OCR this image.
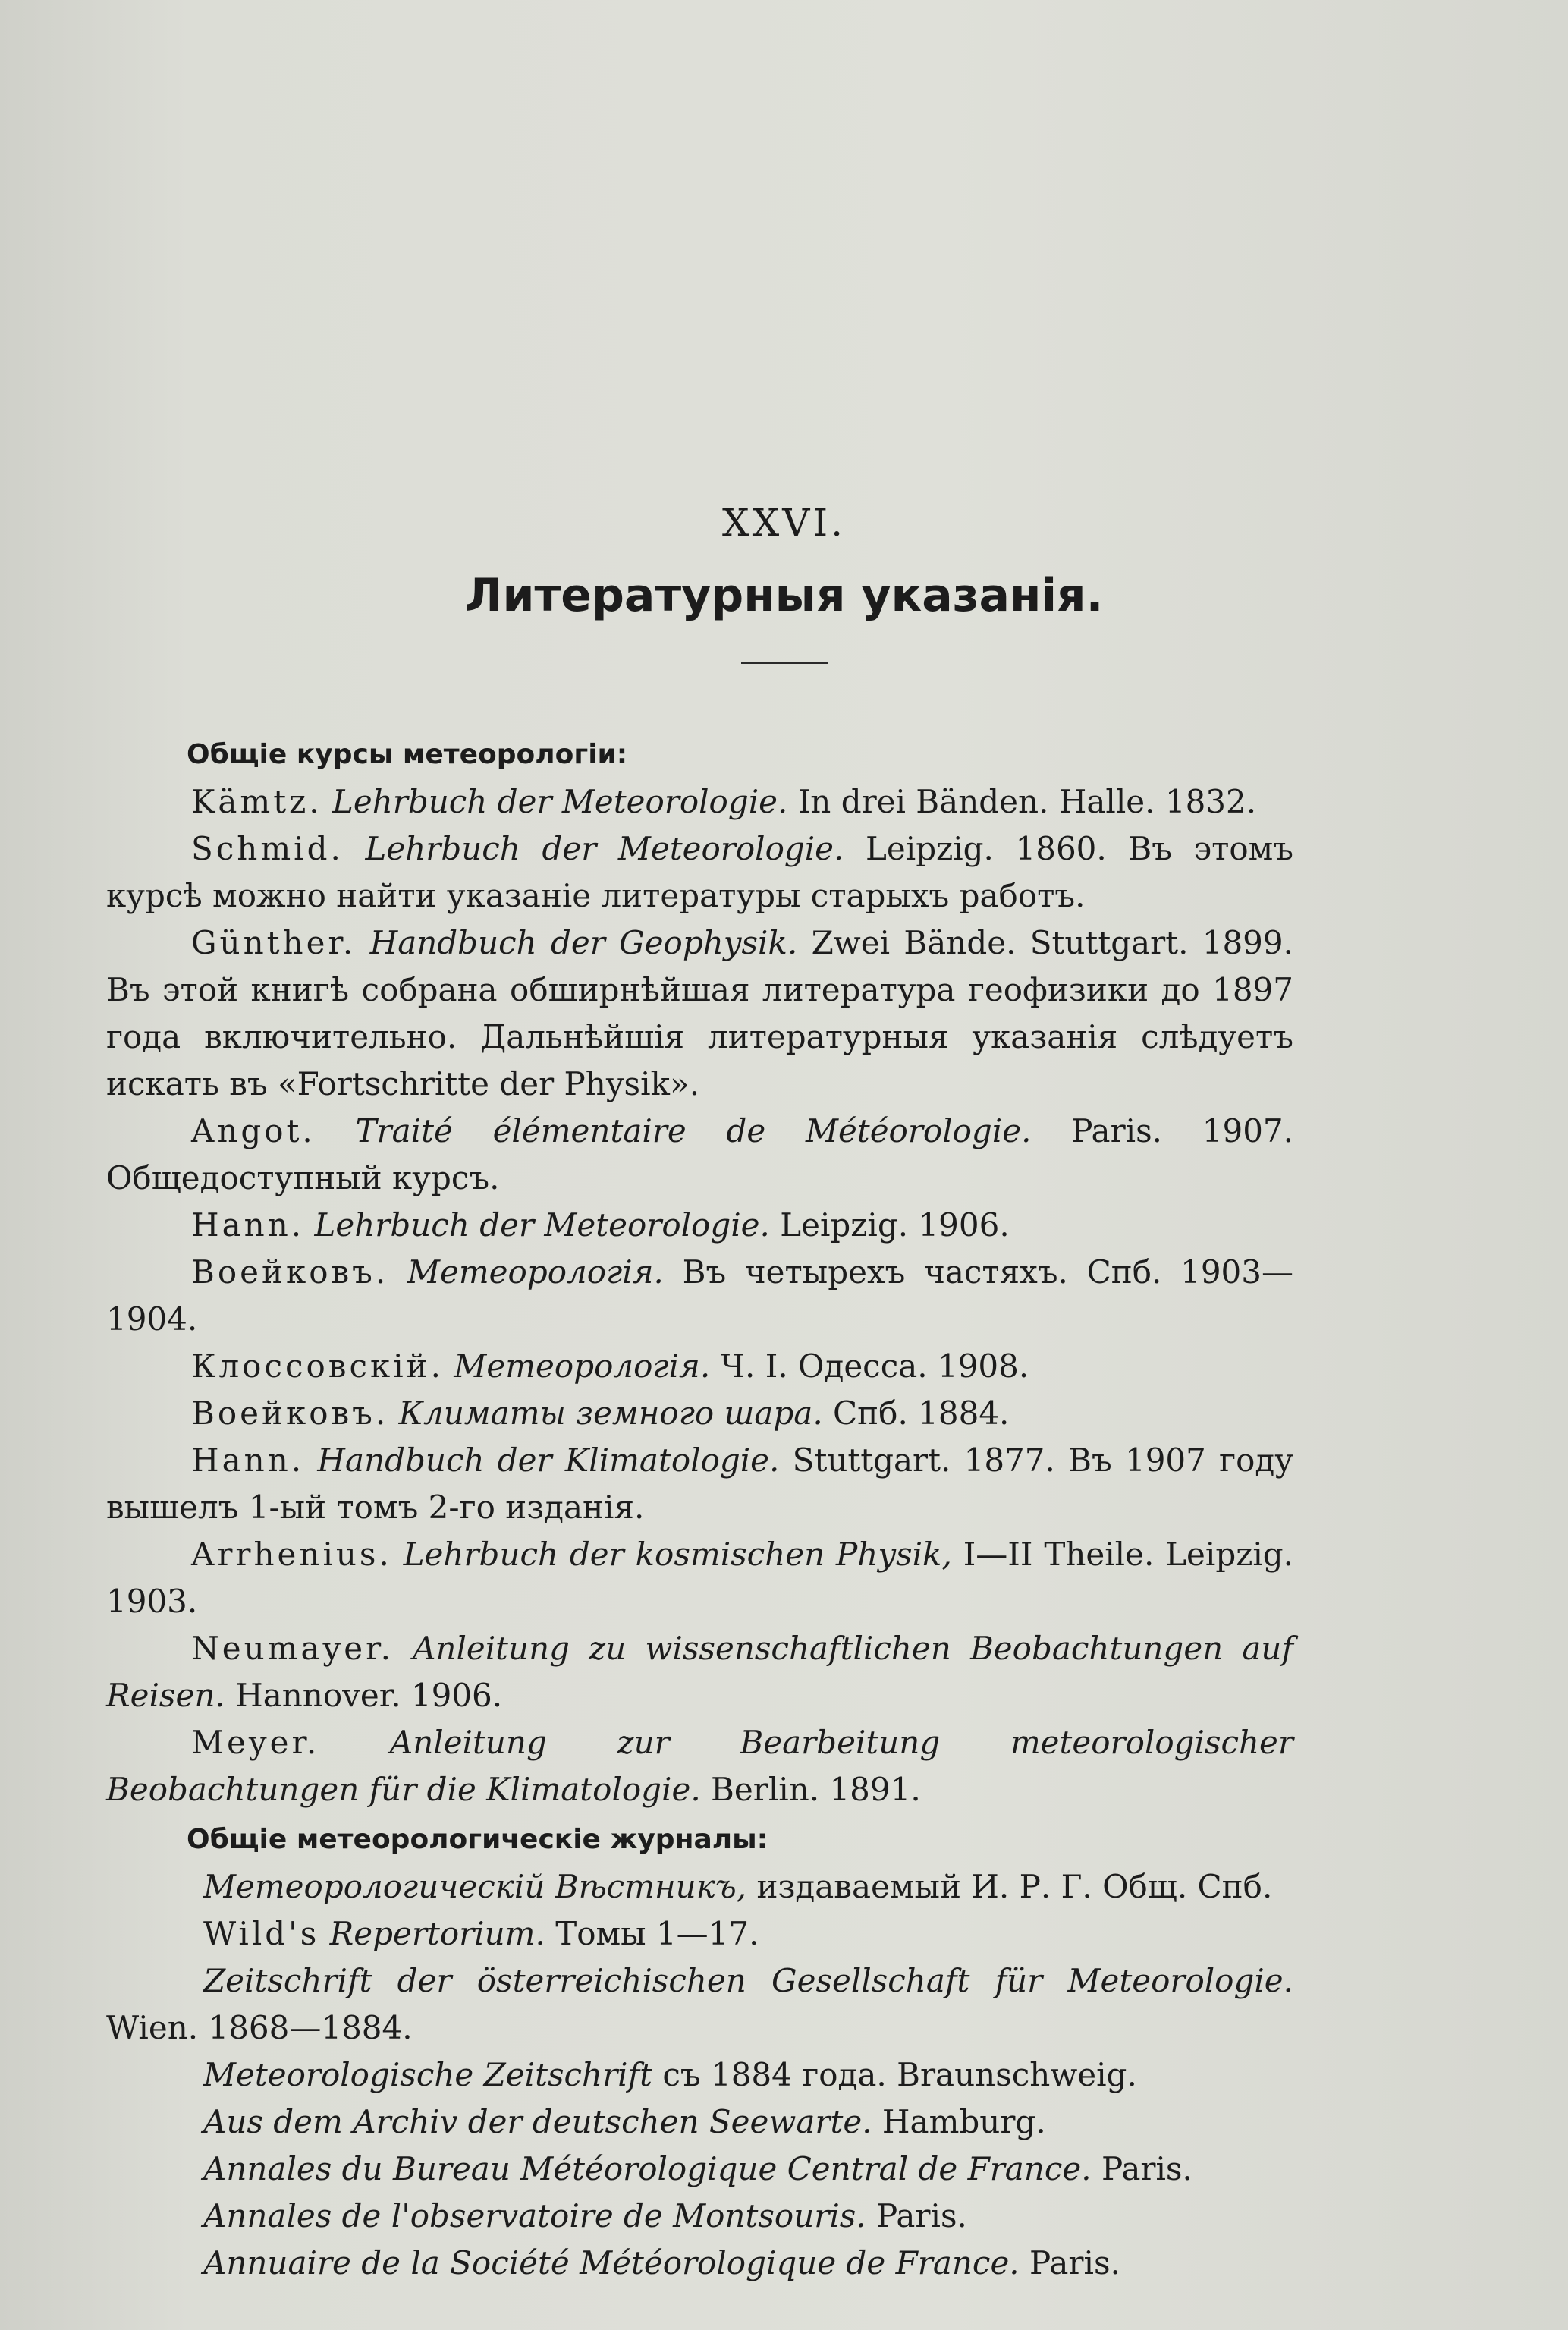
XXVI.
Литературныя указанія.
Общіе курсы метеорологіи:

Kämtz. Lehrbuch der Meteorologie. In drei Bänden. Halle. 1832.

Schmid. Lehrbuch der Meteorologie. Leipzig. 1860. Въ этомъ курсѣ можно найти указаніе литературы старыхъ работъ.

Günther. Handbuch der Geophysik. Zwei Bände. Stuttgart. 1899. Въ этой книгѣ собрана обширнѣйшая литература геофизики до 1897 года включительно. Дальнѣйшія литературныя указанія слѣдуетъ искать въ «Fortschritte der Physik».

Angot. Traité élémentaire de Météorologie. Paris. 1907. Общедоступный курсъ.

Hann. Lehrbuch der Meteorologie. Leipzig. 1906.

Воейковъ. Метеорологія. Въ четырехъ частяхъ. Спб. 1903—1904.

Клоссовскій. Метеорологія. Ч. I. Одесса. 1908.

Воейковъ. Климаты земного шара. Спб. 1884.

Hann. Handbuch der Klimatologie. Stuttgart. 1877. Въ 1907 году вышелъ 1-ый томъ 2-го изданія.

Arrhenius. Lehrbuch der kosmischen Physik, I—II Theile. Leipzig. 1903.

Neumayer. Anleitung zu wissenschaftlichen Beobachtungen auf Reisen. Hannover. 1906.

Meyer. Anleitung zur Bearbeitung meteorologischer Beobachtungen für die Klimatologie. Berlin. 1891.

Общіе метеорологическіе журналы:

Метеорологическій Вѣстникъ, издаваемый И. Р. Г. Общ. Спб.

Wild's Repertorium. Томы 1—17.

Zeitschrift der österreichischen Gesellschaft für Meteorologie. Wien. 1868—1884.

Meteorologische Zeitschrift съ 1884 года. Braunschweig.

Aus dem Archiv der deutschen Seewarte. Hamburg.

Annales du Bureau Météorologique Central de France. Paris.

Annales de l'observatoire de Montsouris. Paris.

Annuaire de la Société Météorologique de France. Paris.
